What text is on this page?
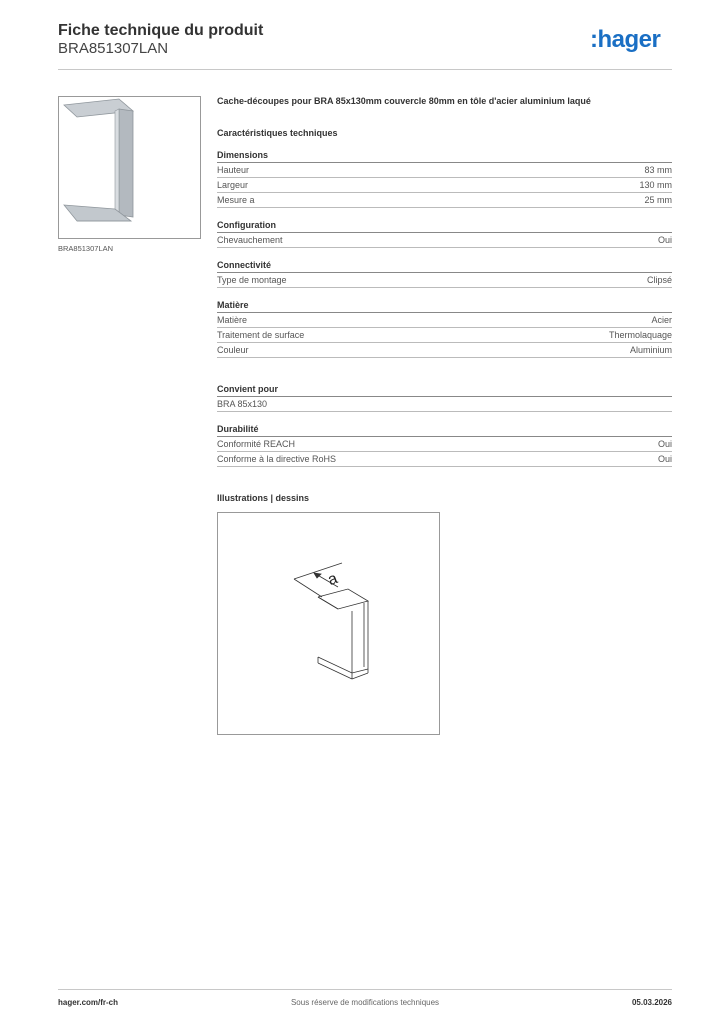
Fiche technique du produit
BRA851307LAN	:hager
BRA851307LAN
Cache-découpes pour BRA 85x130mm couvercle 80mm en tôle d'acier aluminium laqué
Caractéristiques techniques
Dimensions
Hauteur	83 mm
Largeur	130 mm
Mesure a	25 mm
Configuration
Chevauchement	Oui
Connectivité
Type de montage	Clipsé
Matière
Matière	Acier
Traitement de surface	Thermolaquage
Couleur	Aluminium
Convient pour
BRA 85x130
Durabilité
Conformité REACH	Oui
Conforme à la directive RoHS	Oui
Illustrations | dessins
a
hager.com/fr-ch	Sous réserve de modifications techniques	05.03.2026
